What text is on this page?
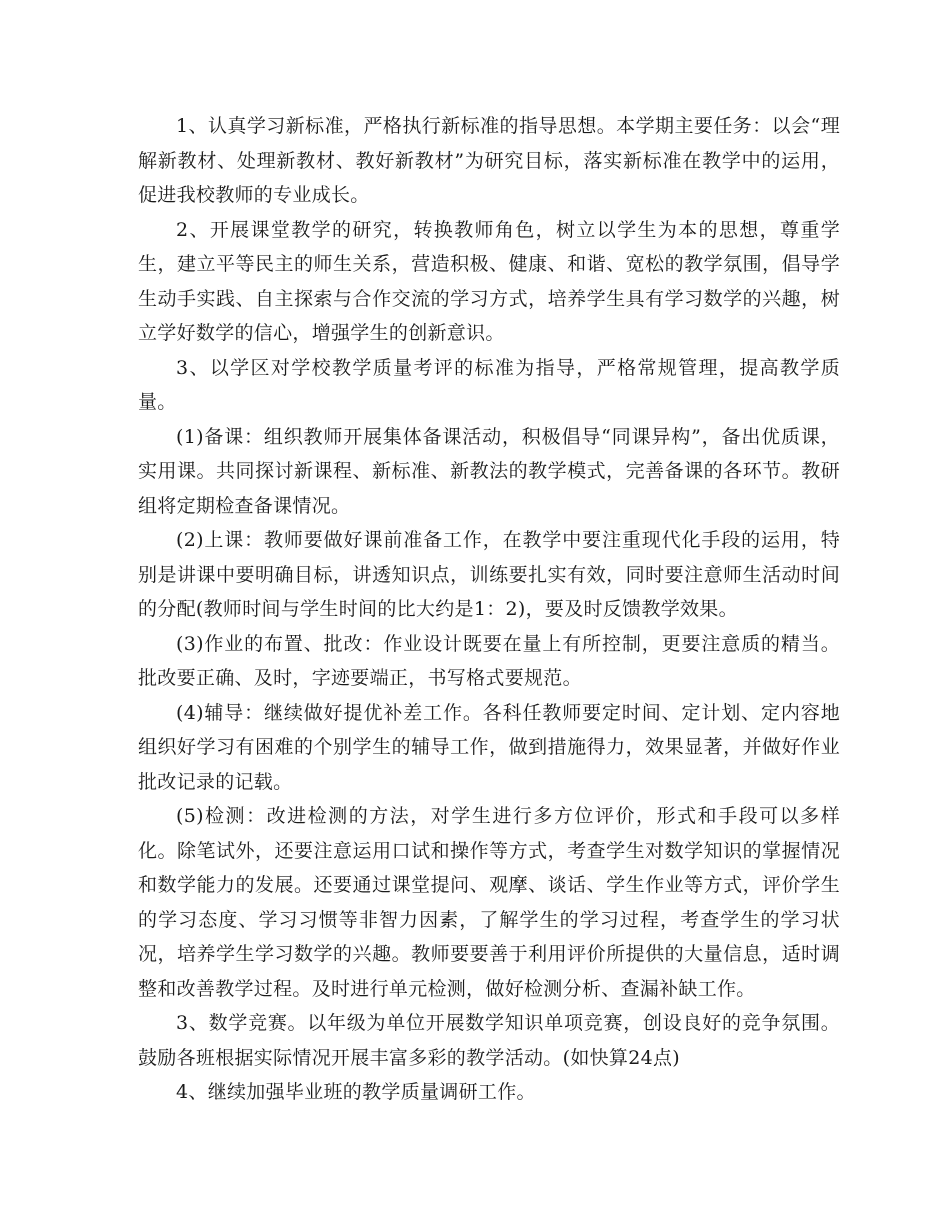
1、认真学习新标准，严格执行新标准的指导思想。本学期主要任务：以会“理解新教材、处理新教材、教好新教材”为研究目标，落实新标准在教学中的运用，促进我校教师的专业成长。

2、开展课堂教学的研究，转换教师角色，树立以学生为本的思想，尊重学生，建立平等民主的师生关系，营造积极、健康、和谐、宽松的教学氛围，倡导学生动手实践、自主探索与合作交流的学习方式，培养学生具有学习数学的兴趣，树立学好数学的信心，增强学生的创新意识。

3、以学区对学校教学质量考评的标准为指导，严格常规管理，提高教学质量。

(1)备课：组织教师开展集体备课活动，积极倡导“同课异构”，备出优质课，实用课。共同探讨新课程、新标准、新教法的教学模式，完善备课的各环节。教研组将定期检查备课情况。

(2)上课：教师要做好课前准备工作，在教学中要注重现代化手段的运用，特别是讲课中要明确目标，讲透知识点，训练要扎实有效，同时要注意师生活动时间的分配(教师时间与学生时间的比大约是1：2)，要及时反馈教学效果。

(3)作业的布置、批改：作业设计既要在量上有所控制，更要注意质的精当。批改要正确、及时，字迹要端正，书写格式要规范。

(4)辅导：继续做好提优补差工作。各科任教师要定时间、定计划、定内容地组织好学习有困难的个别学生的辅导工作，做到措施得力，效果显著，并做好作业批改记录的记载。

(5)检测：改进检测的方法，对学生进行多方位评价，形式和手段可以多样化。除笔试外，还要注意运用口试和操作等方式，考查学生对数学知识的掌握情况和数学能力的发展。还要通过课堂提问、观摩、谈话、学生作业等方式，评价学生的学习态度、学习习惯等非智力因素，了解学生的学习过程，考查学生的学习状况，培养学生学习数学的兴趣。教师要要善于利用评价所提供的大量信息，适时调整和改善教学过程。及时进行单元检测，做好检测分析、查漏补缺工作。

3、数学竞赛。以年级为单位开展数学知识单项竞赛，创设良好的竞争氛围。鼓励各班根据实际情况开展丰富多彩的教学活动。(如快算24点)

4、继续加强毕业班的教学质量调研工作。
